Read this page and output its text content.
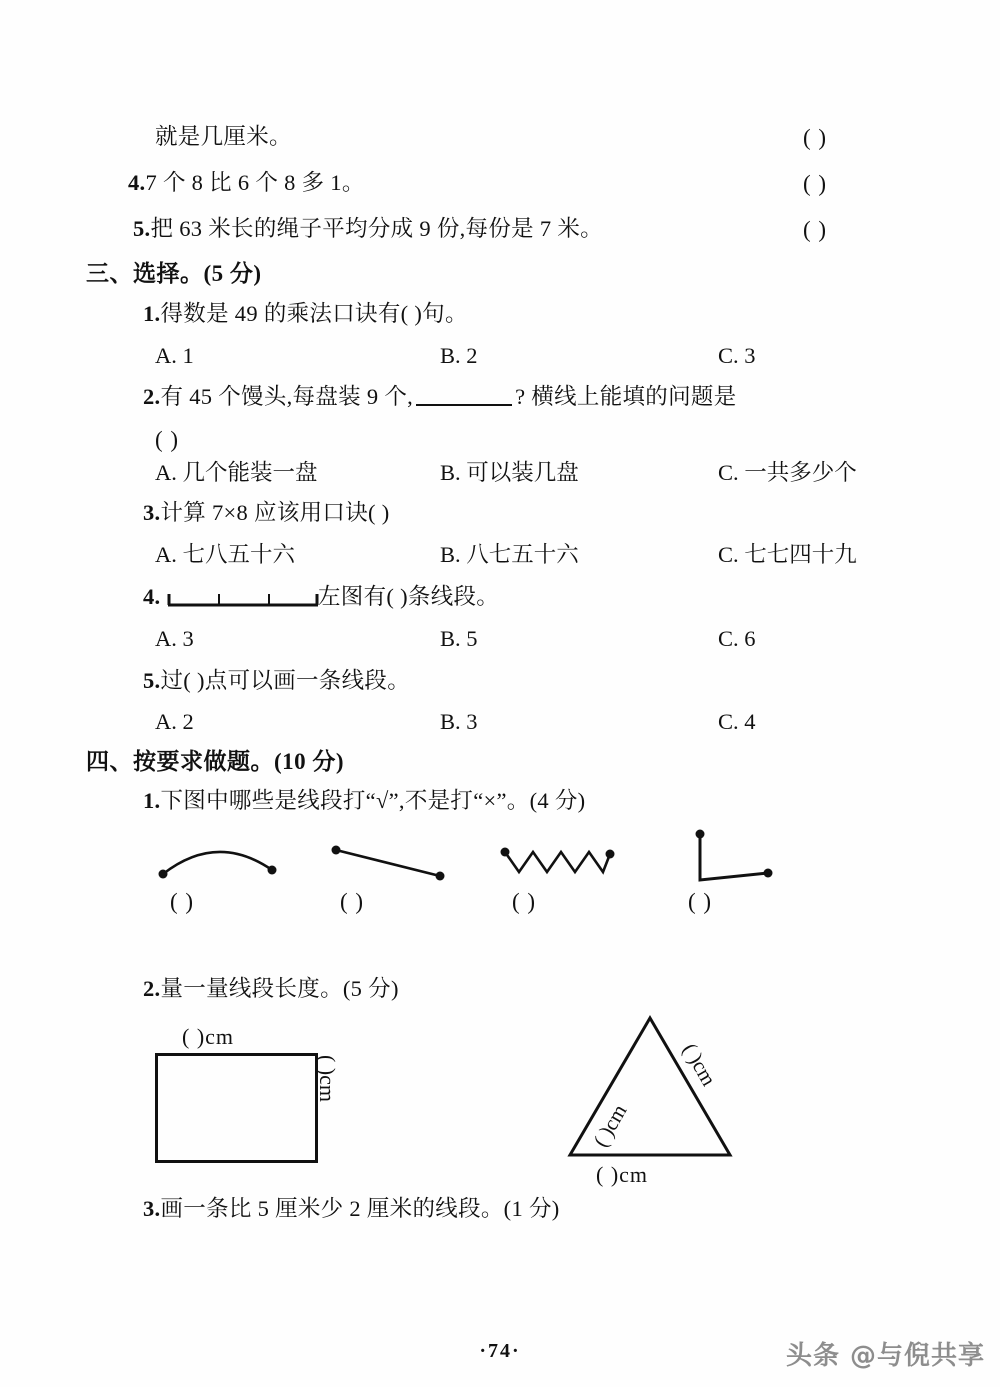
就是几厘米。	( )
4.7 个 8 比 6 个 8 多 1。	( )
5.把 63 米长的绳子平均分成 9 份,每份是 7 米。	( )
三、选择。(5 分)
1.得数是 49 的乘法口诀有( )句。
A. 1	B. 2	C. 3
2.有 45 个馒头,每盘装 9 个,	? 横线上能填的问题是
( )
A. 几个能装一盘	B. 可以装几盘	C. 一共多少个
3.计算 7×8 应该用口诀( )
A. 七八五十六	B. 八七五十六	C. 七七四十九
4.	左图有( )条线段。
A. 3	B. 5	C. 6
5.过( )点可以画一条线段。
A. 2	B. 3	C. 4
四、按要求做题。(10 分)
1.下图中哪些是线段打“√”,不是打“×”。(4 分)
( )	( )	( )	( )
2.量一量线段长度。(5 分)
( )cm
( )cm
( )cm
( )cm
( )cm
3.画一条比 5 厘米少 2 厘米的线段。(1 分)
·74·	头条 @与倪共享
